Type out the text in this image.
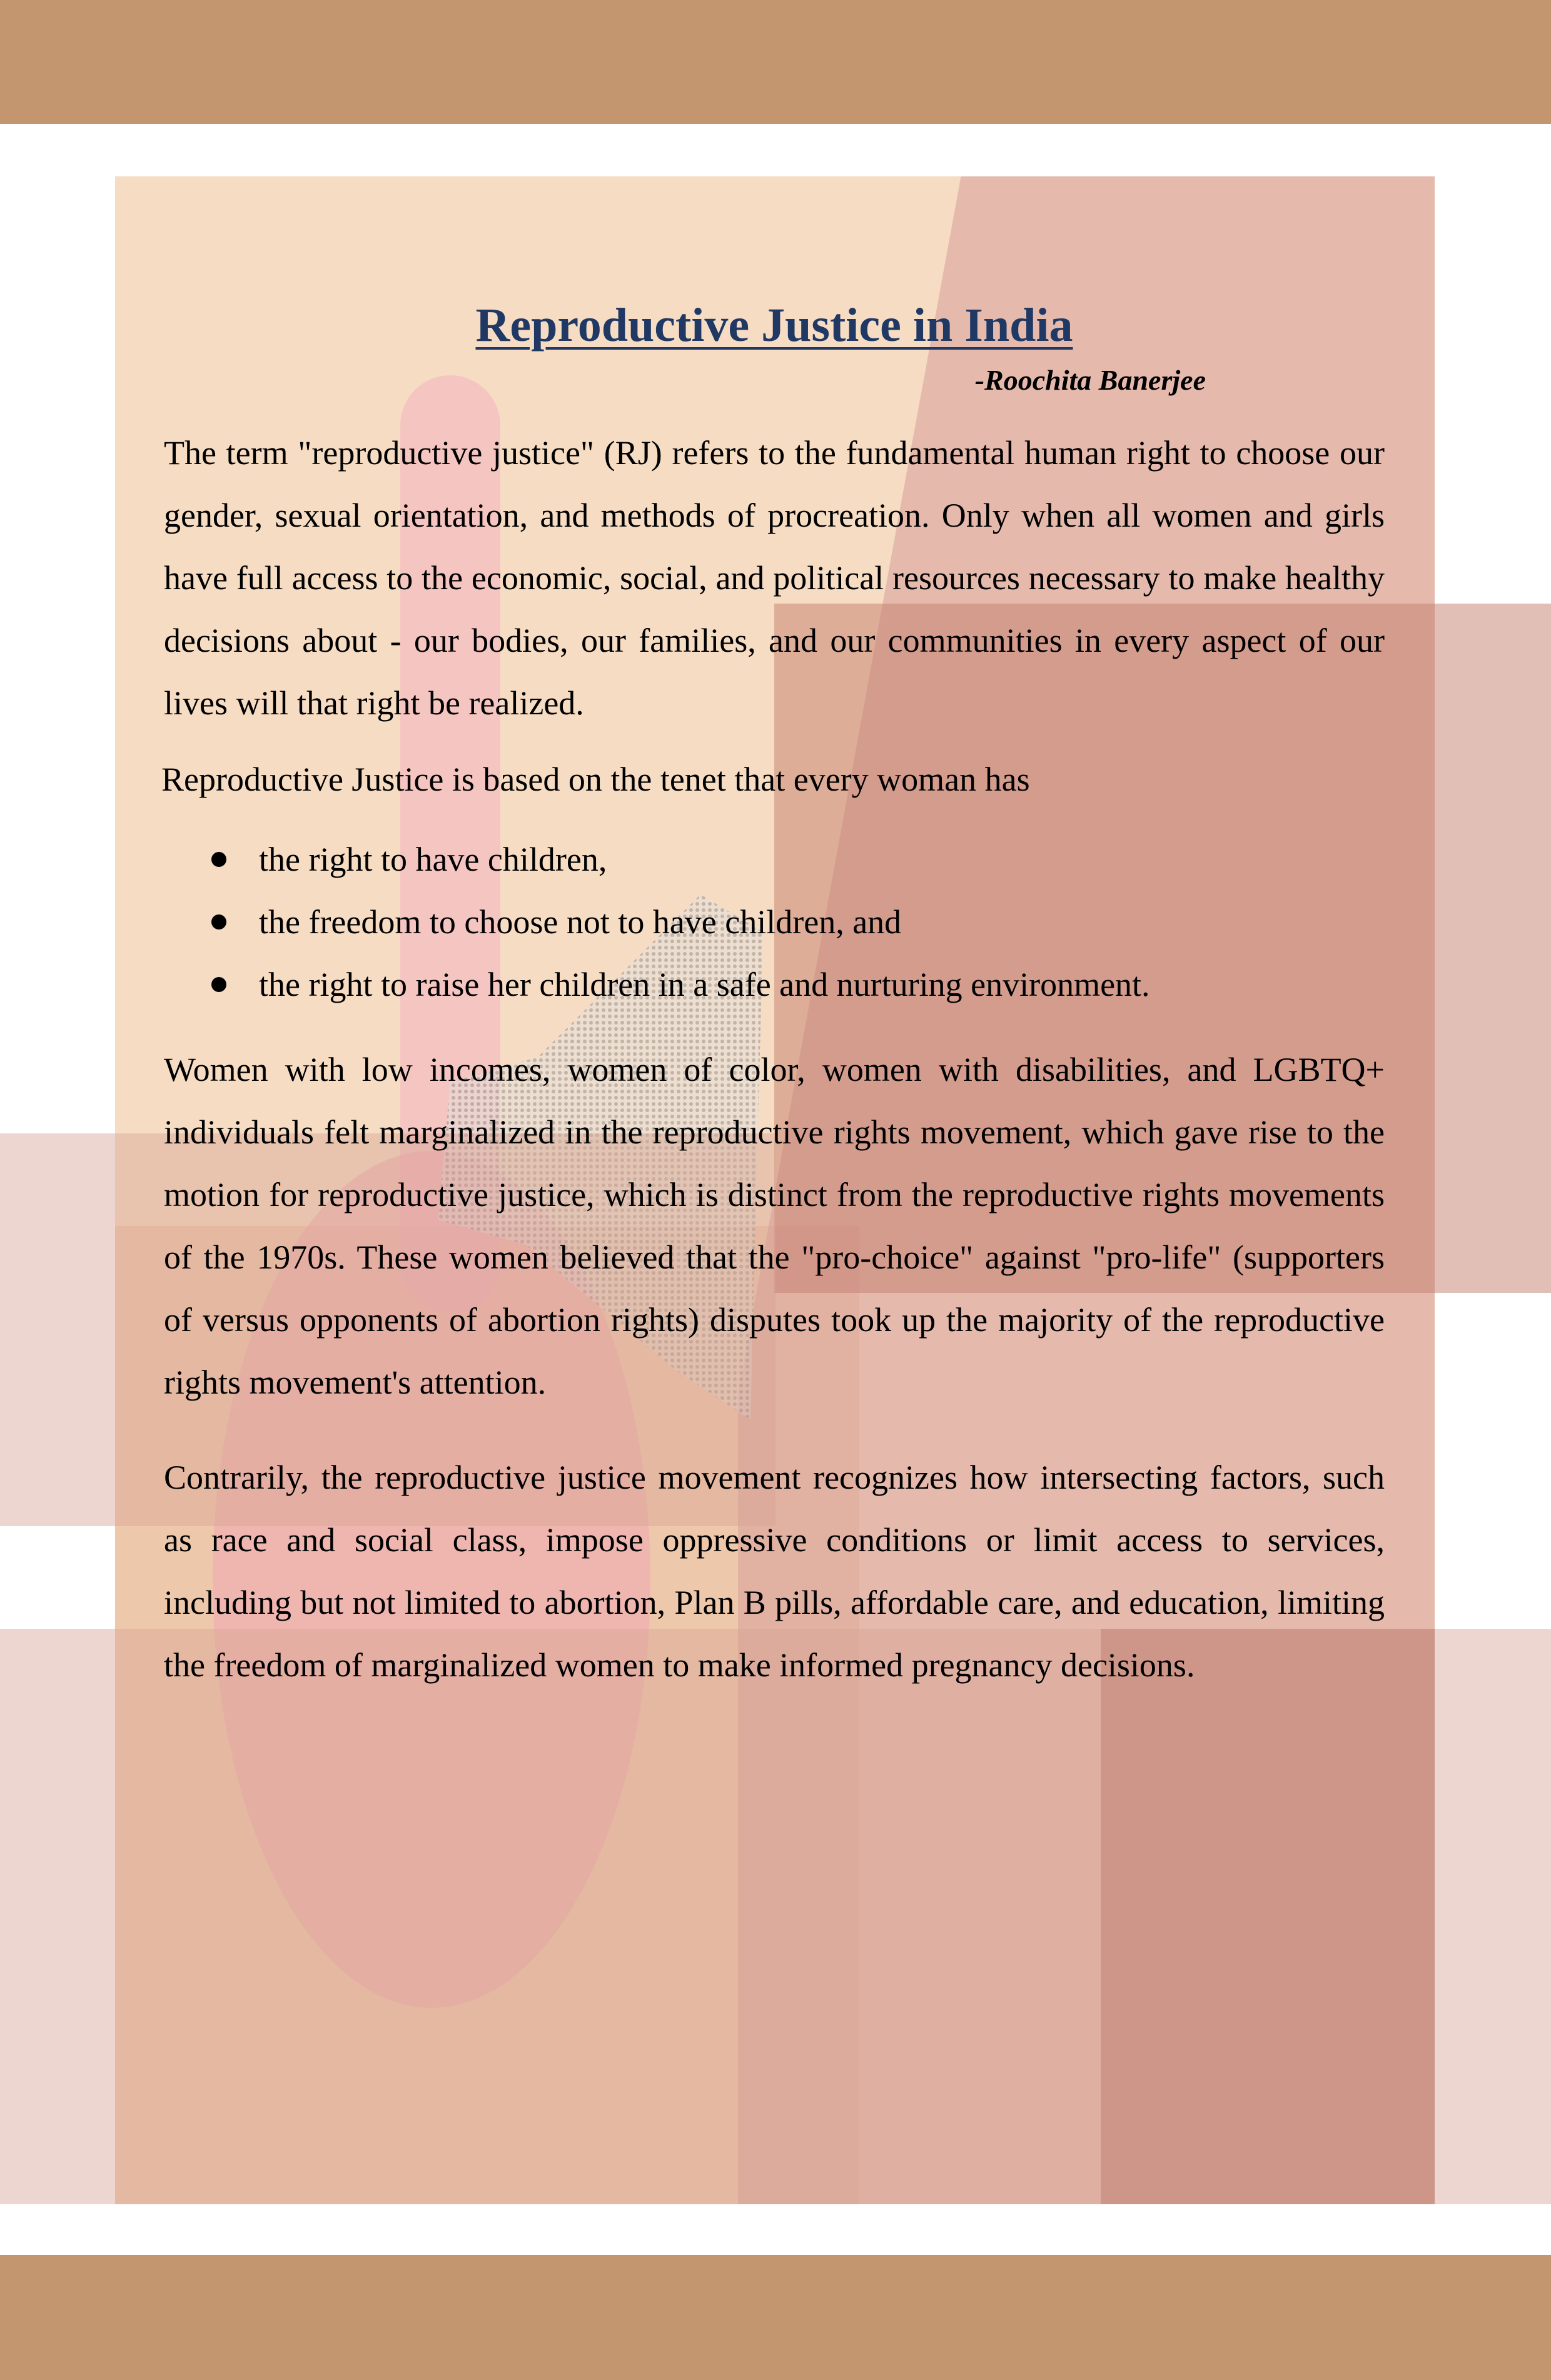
Reproductive Justice in India
-Roochita Banerjee

The term "reproductive justice" (RJ) refers to the fundamental human right to choose our gender, sexual orientation, and methods of procreation. Only when all women and girls have full access to the economic, social, and political resources necessary to make healthy decisions about - our bodies, our families, and our communities in every aspect of our lives will that right be realized.

Reproductive Justice is based on the tenet that every woman has

the right to have children,
the freedom to choose not to have children, and
the right to raise her children in a safe and nurturing environment.

Women with low incomes, women of color, women with disabilities, and LGBTQ+ individuals felt marginalized in the reproductive rights movement, which gave rise to the motion for reproductive justice, which is distinct from the reproductive rights movements of the 1970s. These women believed that the "pro-choice" against "pro-life" (supporters of versus opponents of abortion rights) disputes took up the majority of the reproductive rights movement's attention.

Contrarily, the reproductive justice movement recognizes how intersecting factors, such as race and social class, impose oppressive conditions or limit access to services, including but not limited to abortion, Plan B pills, affordable care, and education, limiting the freedom of marginalized women to make informed pregnancy decisions.
